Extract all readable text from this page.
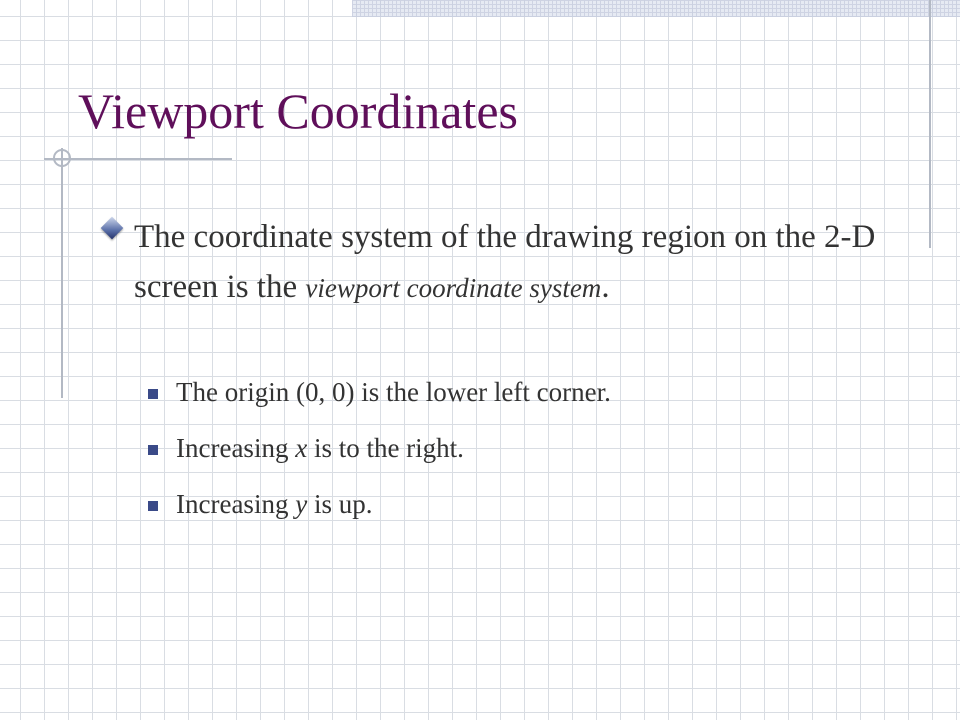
Viewport Coordinates

The coordinate system of the drawing region on the 2-D screen is the viewport coordinate system.

The origin (0, 0) is the lower left corner.
Increasing x is to the right.
Increasing y is up.
